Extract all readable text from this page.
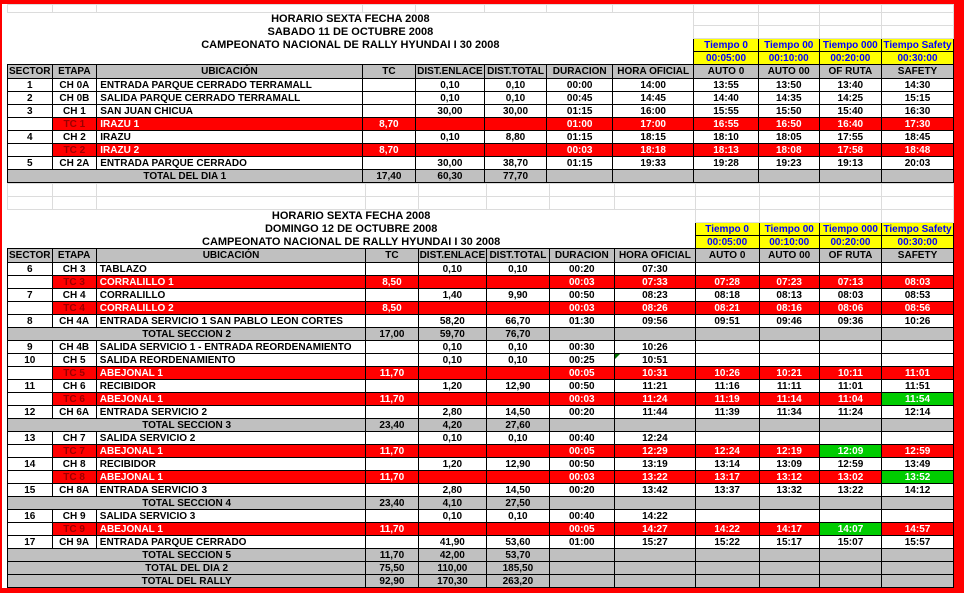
HORARIO SEXTA FECHA 2008											
SABADO 11 DE OCTUBRE 2008											
CAMPEONATO NACIONAL DE RALLY HYUNDAI I 30 2008								Tiempo 0	Tiempo 00	Tiempo 000	Tiempo Safety
								00:05:00	00:10:00	00:20:00	00:30:00
SECTOR	ETAPA	UBICACIÓN	TC	DIST.ENLACE	DIST.TOTAL	DURACION	HORA OFICIAL	AUTO 0	AUTO 00	OF RUTA	SAFETY
1	CH 0A	ENTRADA PARQUE CERRADO TERRAMALL		0,10	0,10	00:00	14:00	13:55	13:50	13:40	14:30
2	CH 0B	SALIDA PARQUE CERRADO TERRAMALL		0,10	0,10	00:45	14:45	14:40	14:35	14:25	15:15
3	CH 1	SAN JUAN CHICUA		30,00	30,00	01:15	16:00	15:55	15:50	15:40	16:30
	TC 1	IRAZU 1	8,70			01:00	17:00	16:55	16:50	16:40	17:30
4	CH 2	IRAZU		0,10	8,80	01:15	18:15	18:10	18:05	17:55	18:45
	TC 2	IRAZU 2	8,70			00:03	18:18	18:13	18:08	17:58	18:48
5	CH 2A	ENTRADA PARQUE CERRADO		30,00	38,70	01:15	19:33	19:28	19:23	19:13	20:03
TOTAL DEL DIA 1			17,40	60,30	77,70						

HORARIO SEXTA FECHA 2008											
DOMINGO 12 DE OCTUBRE 2008								Tiempo 0	Tiempo 00	Tiempo 000	Tiempo Safety
CAMPEONATO NACIONAL DE RALLY HYUNDAI I 30 2008								00:05:00	00:10:00	00:20:00	00:30:00
SECTOR	ETAPA	UBICACIÓN	TC	DIST.ENLACE	DIST.TOTAL	DURACION	HORA OFICIAL	AUTO 0	AUTO 00	OF RUTA	SAFETY
6	CH 3	TABLAZO		0,10	0,10	00:20	07:30				
	TC 3	CORRALILLO 1	8,50			00:03	07:33	07:28	07:23	07:13	08:03
7	CH 4	CORRALILLO		1,40	9,90	00:50	08:23	08:18	08:13	08:03	08:53
	TC 4	CORRALILLO 2	8,50			00:03	08:26	08:21	08:16	08:06	08:56
8	CH 4A	ENTRADA SERVICIO 1 SAN PABLO LEON CORTES		58,20	66,70	01:30	09:56	09:51	09:46	09:36	10:26
TOTAL SECCION 2			17,00	59,70	76,70						
9	CH 4B	SALIDA SERVICIO 1 - ENTRADA REORDENAMIENTO		0,10	0,10	00:30	10:26				
10	CH 5	SALIDA REORDENAMIENTO		0,10	0,10	00:25	10:51

	TC 5	ABEJONAL 1	11,70			00:05	10:31	10:26	10:21	10:11	11:01
11	CH 6	RECIBIDOR		1,20	12,90	00:50	11:21	11:16	11:11	11:01	11:51
	TC 6	ABEJONAL 1	11,70			00:03	11:24	11:19	11:14	11:04	11:54
12	CH 6A	ENTRADA SERVICIO 2		2,80	14,50	00:20	11:44	11:39	11:34	11:24	12:14
TOTAL SECCION 3			23,40	4,20	27,60						
13	CH 7	SALIDA SERVICIO 2		0,10	0,10	00:40	12:24				
	TC 7	ABEJONAL 1	11,70			00:05	12:29	12:24	12:19	12:09	12:59
14	CH 8	RECIBIDOR		1,20	12,90	00:50	13:19	13:14	13:09	12:59	13:49
	TC 8	ABEJONAL 1	11,70			00:03	13:22	13:17	13:12	13:02	13:52
15	CH 8A	ENTRADA SERVICIO 3		2,80	14,50	00:20	13:42	13:37	13:32	13:22	14:12
TOTAL SECCION 4			23,40	4,10	27,50						
16	CH 9	SALIDA SERVICIO 3		0,10	0,10	00:40	14:22				
	TC 9	ABEJONAL 1	11,70			00:05	14:27	14:22	14:17	14:07	14:57
17	CH 9A	ENTRADA PARQUE CERRADO		41,90	53,60	01:00	15:27	15:22	15:17	15:07	15:57
TOTAL SECCION 5			11,70	42,00	53,70						
TOTAL DEL DIA 2			75,50	110,00	185,50						
TOTAL DEL RALLY			92,90	170,30	263,20						
